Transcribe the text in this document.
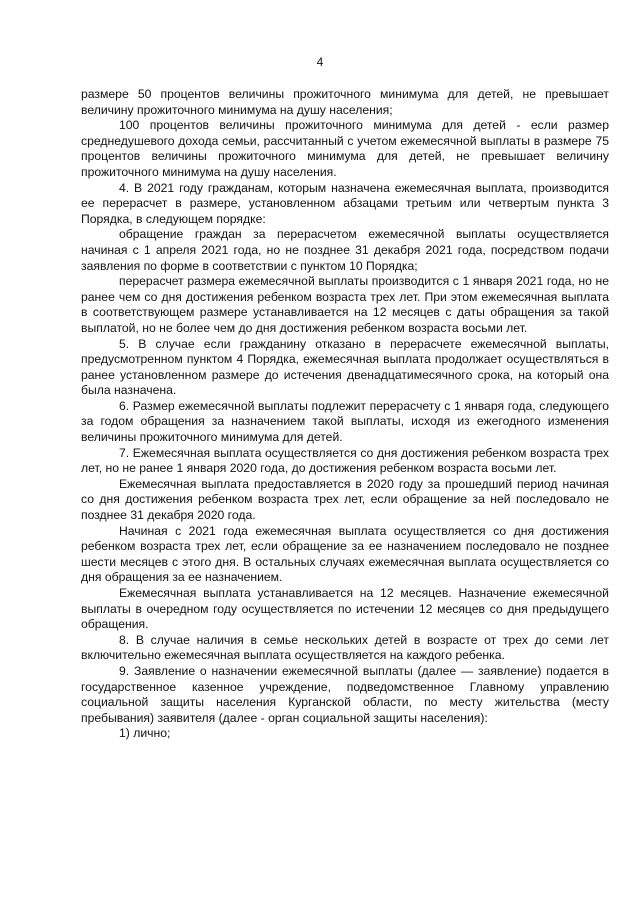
4

размере 50 процентов величины прожиточного минимума для детей, не превышает величину прожиточного минимума на душу населения;

100 процентов величины прожиточного минимума для детей - если размер среднедушевого дохода семьи, рассчитанный с учетом ежемесячной выплаты в размере 75 процентов величины прожиточного минимума для детей, не превышает величину прожиточного минимума на душу населения.

4. В 2021 году гражданам, которым назначена ежемесячная выплата, производится ее перерасчет в размере, установленном абзацами третьим или четвертым пункта 3 Порядка, в следующем порядке:

обращение граждан за перерасчетом ежемесячной выплаты осуществляется начиная с 1 апреля 2021 года, но не позднее 31 декабря 2021 года, посредством подачи заявления по форме в соответствии с пунктом 10 Порядка;

перерасчет размера ежемесячной выплаты производится с 1 января 2021 года, но не ранее чем со дня достижения ребенком возраста трех лет. При этом ежемесячная выплата в соответствующем размере устанавливается на 12 месяцев с даты обращения за такой выплатой, но не более чем до дня достижения ребенком возраста восьми лет.

5. В случае если гражданину отказано в перерасчете ежемесячной выплаты, предусмотренном пунктом 4 Порядка, ежемесячная выплата продолжает осуществляться в ранее установленном размере до истечения двенадцатимесячного срока, на который она была назначена.

6. Размер ежемесячной выплаты подлежит перерасчету с 1 января года, следующего за годом обращения за назначением такой выплаты, исходя из ежегодного изменения величины прожиточного минимума для детей.

7. Ежемесячная выплата осуществляется со дня достижения ребенком возраста трех лет, но не ранее 1 января 2020 года, до достижения ребенком возраста восьми лет.

Ежемесячная выплата предоставляется в 2020 году за прошедший период начиная со дня достижения ребенком возраста трех лет, если обращение за ней последовало не позднее 31 декабря 2020 года.

Начиная с 2021 года ежемесячная выплата осуществляется со дня достижения ребенком возраста трех лет, если обращение за ее назначением последовало не позднее шести месяцев с этого дня. В остальных случаях ежемесячная выплата осуществляется со дня обращения за ее назначением.

Ежемесячная выплата устанавливается на 12 месяцев. Назначение ежемесячной выплаты в очередном году осуществляется по истечении 12 месяцев со дня предыдущего обращения.

8. В случае наличия в семье нескольких детей в возрасте от трех до семи лет включительно ежемесячная выплата осуществляется на каждого ребенка.

9. Заявление о назначении ежемесячной выплаты (далее — заявление) подается в государственное казенное учреждение, подведомственное Главному управлению социальной защиты населения Курганской области, по месту жительства (месту пребывания) заявителя (далее - орган социальной защиты населения):

1) лично;
